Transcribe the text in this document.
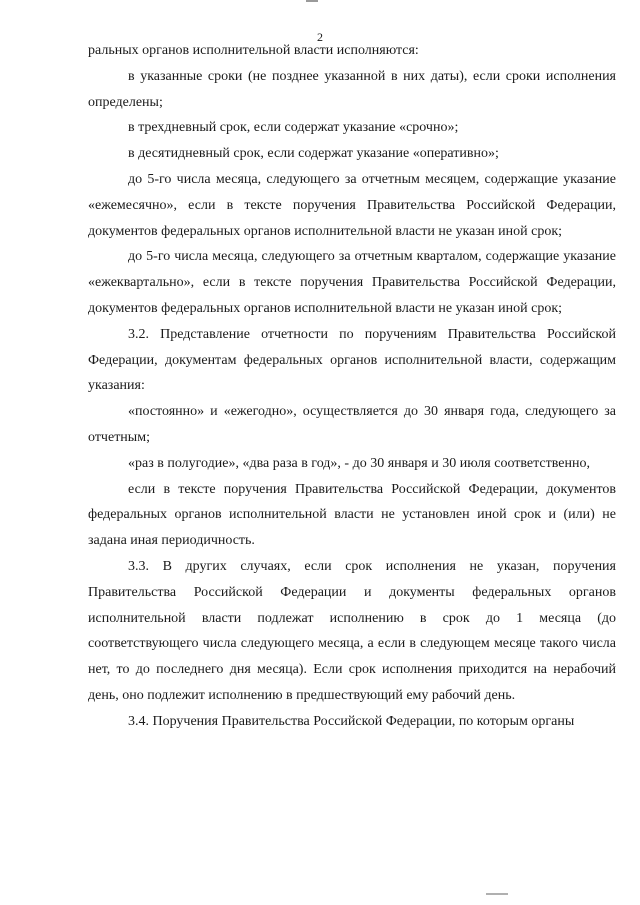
2

ральных органов исполнительной власти исполняются:

в указанные сроки (не позднее указанной в них даты), если сроки исполнения определены;

в трехдневный срок, если содержат указание «срочно»;

в десятидневный срок, если содержат указание «оперативно»;

до 5-го числа месяца, следующего за отчетным месяцем, содержащие указание «ежемесячно», если в тексте поручения Правительства Российской Федерации, документов федеральных органов исполнительной власти не указан иной срок;

до 5-го числа месяца, следующего за отчетным кварталом, содержащие указание «ежеквартально», если в тексте поручения Правительства Российской Федерации, документов федеральных органов исполнительной власти не указан иной срок;

3.2. Представление отчетности по поручениям Правительства Российской Федерации, документам федеральных органов исполнительной власти, содержащим указания:

«постоянно» и «ежегодно», осуществляется до 30 января года, следующего за отчетным;

«раз в полугодие», «два раза в год», - до 30 января и 30 июля соответственно,

если в тексте поручения Правительства Российской Федерации, документов федеральных органов исполнительной власти не установлен иной срок и (или) не задана иная периодичность.

3.3. В других случаях, если срок исполнения не указан, поручения Правительства Российской Федерации и документы федеральных органов исполнительной власти подлежат исполнению в срок до 1 месяца (до соответствующего числа следующего месяца, а если в следующем месяце такого числа нет, то до последнего дня месяца). Если срок исполнения приходится на нерабочий день, оно подлежит исполнению в предшествующий ему рабочий день.

3.4. Поручения Правительства Российской Федерации, по которым органы
